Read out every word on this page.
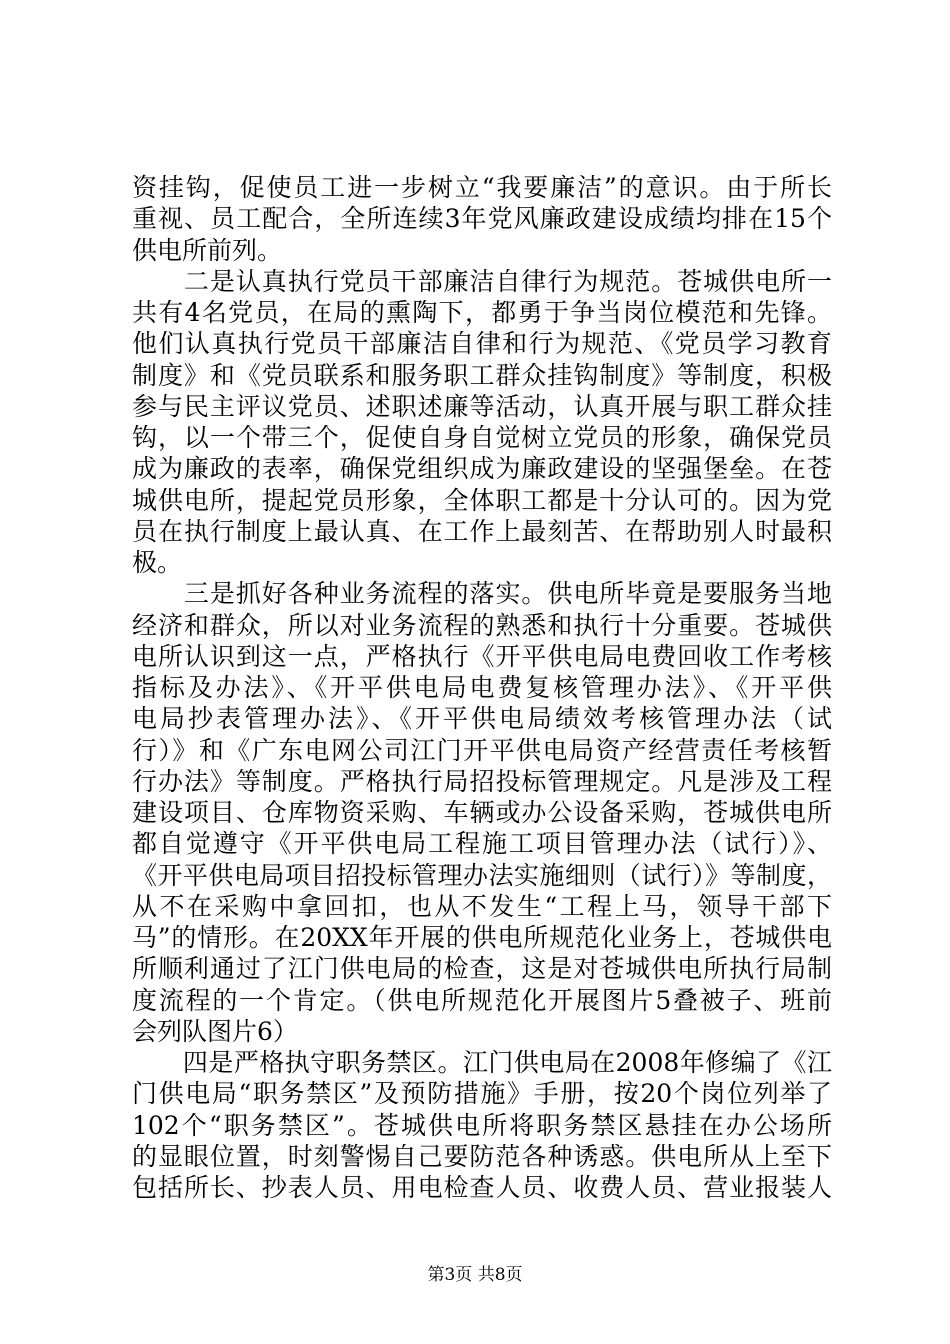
资挂钩，促使员工进一步树立“我要廉洁”的意识。由于所长
重视、员工配合，全所连续3年党风廉政建设成绩均排在15个
供电所前列。
　　二是认真执行党员干部廉洁自律行为规范。苍城供电所一
共有4名党员，在局的熏陶下，都勇于争当岗位模范和先锋。
他们认真执行党员干部廉洁自律和行为规范、《党员学习教育
制度》和《党员联系和服务职工群众挂钩制度》等制度，积极
参与民主评议党员、述职述廉等活动，认真开展与职工群众挂
钩，以一个带三个，促使自身自觉树立党员的形象，确保党员
成为廉政的表率，确保党组织成为廉政建设的坚强堡垒。在苍
城供电所，提起党员形象，全体职工都是十分认可的。因为党
员在执行制度上最认真、在工作上最刻苦、在帮助别人时最积
极。
　　三是抓好各种业务流程的落实。供电所毕竟是要服务当地
经济和群众，所以对业务流程的熟悉和执行十分重要。苍城供
电所认识到这一点，严格执行《开平供电局电费回收工作考核
指标及办法》、《开平供电局电费复核管理办法》、《开平供
电局抄表管理办法》、《开平供电局绩效考核管理办法（试
行）》和《广东电网公司江门开平供电局资产经营责任考核暂
行办法》等制度。严格执行局招投标管理规定。凡是涉及工程
建设项目、仓库物资采购、车辆或办公设备采购，苍城供电所
都自觉遵守《开平供电局工程施工项目管理办法（试行）》、
《开平供电局项目招投标管理办法实施细则（试行）》等制度，
从不在采购中拿回扣，也从不发生“工程上马，领导干部下
马”的情形。在20XX年开展的供电所规范化业务上，苍城供电
所顺利通过了江门供电局的检查，这是对苍城供电所执行局制
度流程的一个肯定。（供电所规范化开展图片5叠被子、班前
会列队图片6）
　　四是严格执守职务禁区。江门供电局在2008年修编了《江
门供电局“职务禁区”及预防措施》手册，按20个岗位列举了
102个“职务禁区”。苍城供电所将职务禁区悬挂在办公场所
的显眼位置，时刻警惕自己要防范各种诱惑。供电所从上至下
包括所长、抄表人员、用电检查人员、收费人员、营业报装人
第3页 共8页
